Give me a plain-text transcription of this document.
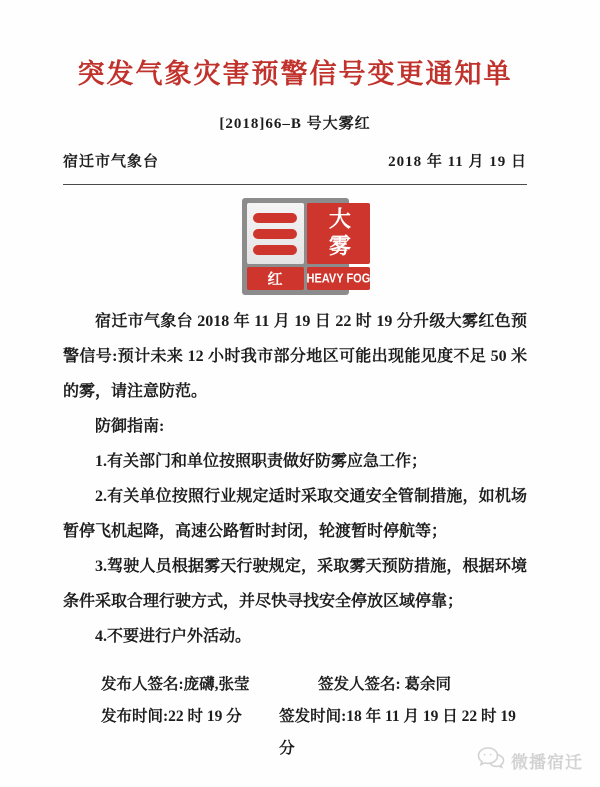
突发气象灾害预警信号变更通知单
[2018]66–B 号大雾红
宿迁市气象台	2018 年 11 月 19 日
大雾
红 HEAVY FOG

宿迁市气象台 2018 年 11 月 19 日 22 时 19 分升级大雾红色预警信号:预计未来 12 小时我市部分地区可能出现能见度不足 50 米的雾，请注意防范。

防御指南:

1.有关部门和单位按照职责做好防雾应急工作；

2.有关单位按照行业规定适时采取交通安全管制措施，如机场暂停飞机起降，高速公路暂时封闭，轮渡暂时停航等；

3.驾驶人员根据雾天行驶规定，采取雾天预防措施，根据环境条件采取合理行驶方式，并尽快寻找安全停放区域停靠；

4.不要进行户外活动。

发布人签名:庞礴,张莹	签发人签名: 葛余同
发布时间:22 时 19 分	签发时间:18 年 11 月 19 日 22 时 19 分
微播宿迁
